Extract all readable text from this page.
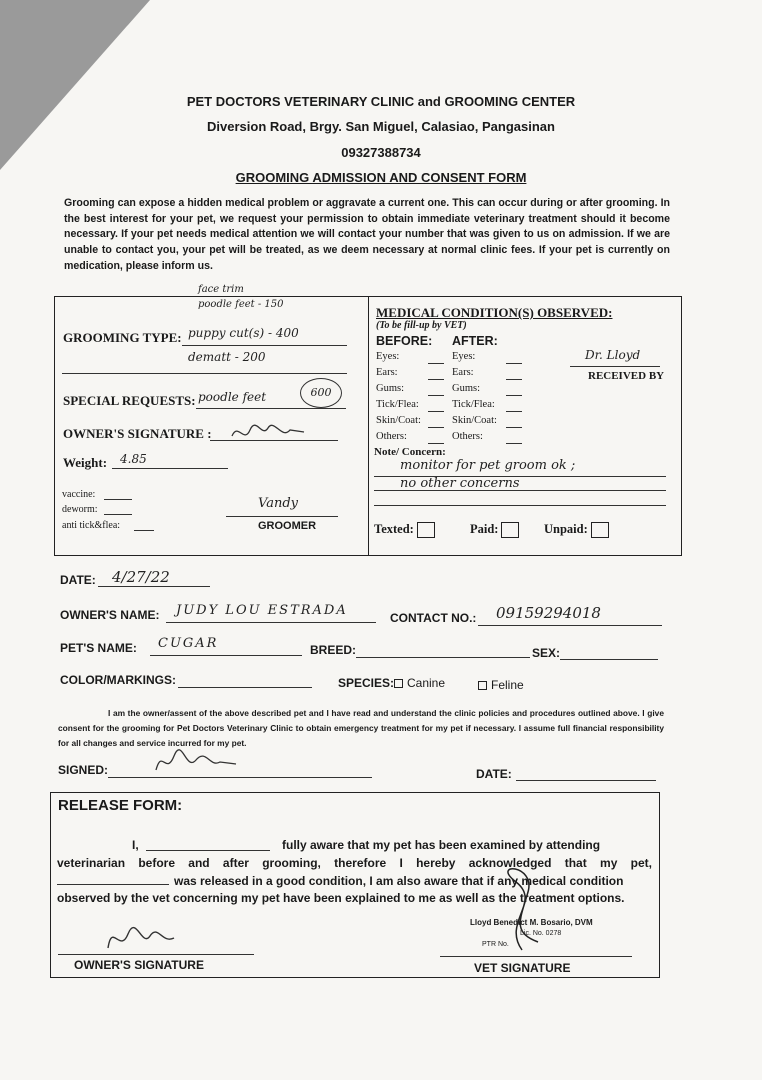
PET DOCTORS VETERINARY CLINIC and GROOMING CENTER
Diversion Road, Brgy. San Miguel, Calasiao, Pangasinan
09327388734
GROOMING ADMISSION AND CONSENT FORM

Grooming can expose a hidden medical problem or aggravate a current one. This can occur during or after grooming. In the best interest for your pet, we request your permission to obtain immediate veterinary treatment should it become necessary. If your pet needs medical attention we will contact your number that was given to us on admission. If we are unable to contact you, your pet will be treated, as we deem necessary at normal clinic fees. If your pet is currently on medication, please inform us.

face trim
poodle feet - 150
GROOMING TYPE: puppy cut(s) - 400
dematt - 200
SPECIAL REQUESTS: poodle feet	600
OWNER'S SIGNATURE :
Weight: 4.85
vaccine:
deworm:
anti tick&flea:
Vandy
GROOMER
MEDICAL CONDITION(S) OBSERVED:
(To be fill-up by VET)
BEFORE: AFTER:
Eyes:	Eyes:
Ears:	Ears:
Gums:	Gums:
Tick/Flea:	Tick/Flea:
Skin/Coat:	Skin/Coat:
Others:	Others:
Dr. Lloyd
RECEIVED BY
Note/ Concern:
monitor for pet groom ok ;
no other concerns
Texted:	Paid:	Unpaid:
DATE: 4/27/22
OWNER'S NAME: JUDY LOU ESTRADA	CONTACT NO.: 09159294018
PET'S NAME: CUGAR	BREED:	SEX:
COLOR/MARKINGS:	SPECIES:	Canine	Feline

I am the owner/assent of the above described pet and I have read and understand the clinic policies and procedures outlined above. I give consent for the grooming for Pet Doctors Veterinary Clinic to obtain emergency treatment for my pet if necessary. I assume full financial responsibility for all changes and service incurred for my pet.

SIGNED:	DATE:
RELEASE FORM:
I,	fully aware that my pet has been examined by attending
veterinarian before and after grooming, therefore I hereby acknowledged that my pet,
was released in a good condition, I am also aware that if any medical condition
observed by the vet concerning my pet have been explained to me as well as the treatment options.
OWNER'S SIGNATURE
Lloyd Benedict M. Bosario, DVM
Lic. No. 0278
PTR No.
VET SIGNATURE
